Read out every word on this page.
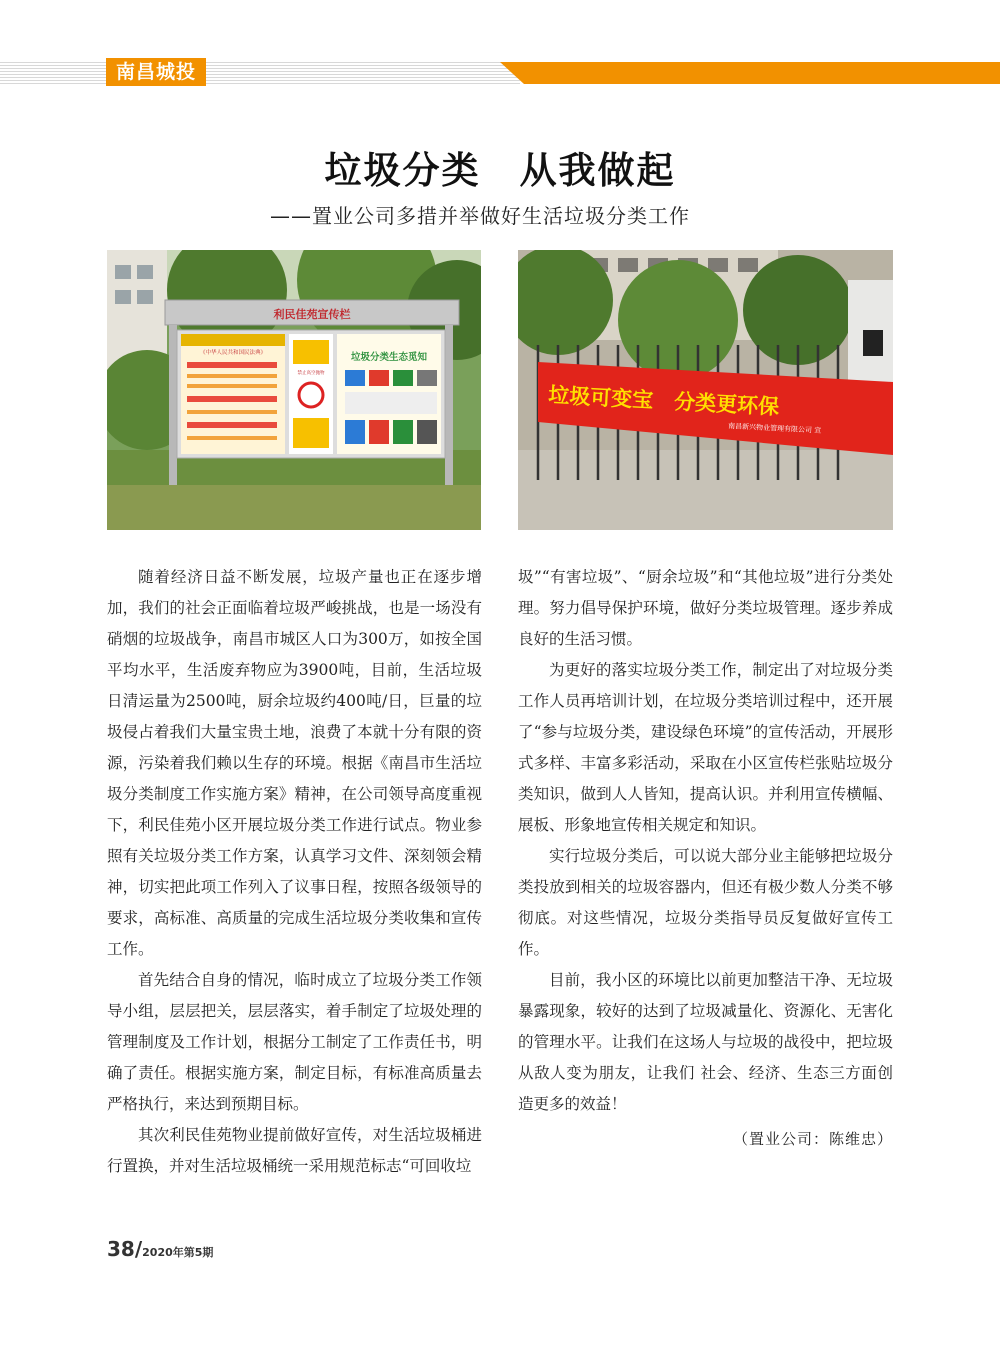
南昌城投
垃圾分类　从我做起
——置业公司多措并举做好生活垃圾分类工作
利民佳苑宣传栏
《中华人民共和国民法典》
禁止高空抛物
垃圾分类生态觅知
垃圾可变宝　分类更环保
南昌新兴物业管理有限公司 宣

随着经济日益不断发展，垃圾产量也正在逐步增加，我们的社会正面临着垃圾严峻挑战，也是一场没有硝烟的垃圾战争，南昌市城区人口为300万，如按全国平均水平，生活废弃物应为3900吨，目前，生活垃圾日清运量为2500吨，厨余垃圾约400吨/日，巨量的垃圾侵占着我们大量宝贵土地，浪费了本就十分有限的资源，污染着我们赖以生存的环境。根据《南昌市生活垃圾分类制度工作实施方案》精神，在公司领导高度重视下，利民佳苑小区开展垃圾分类工作进行试点。物业参照有关垃圾分类工作方案，认真学习文件、深刻领会精神，切实把此项工作列入了议事日程，按照各级领导的要求，高标准、高质量的完成生活垃圾分类收集和宣传工作。

首先结合自身的情况，临时成立了垃圾分类工作领导小组，层层把关，层层落实，着手制定了垃圾处理的管理制度及工作计划，根据分工制定了工作责任书，明确了责任。根据实施方案，制定目标，有标准高质量去严格执行，来达到预期目标。

其次利民佳苑物业提前做好宣传，对生活垃圾桶进行置换，并对生活垃圾桶统一采用规范标志“可回收垃

圾”“有害垃圾”、“厨余垃圾”和“其他垃圾”进行分类处理。努力倡导保护环境，做好分类垃圾管理。逐步养成良好的生活习惯。

为更好的落实垃圾分类工作，制定出了对垃圾分类工作人员再培训计划，在垃圾分类培训过程中，还开展了“参与垃圾分类，建设绿色环境”的宣传活动，开展形式多样、丰富多彩活动，采取在小区宣传栏张贴垃圾分类知识，做到人人皆知，提高认识。并利用宣传横幅、展板、形象地宣传相关规定和知识。

实行垃圾分类后，可以说大部分业主能够把垃圾分类投放到相关的垃圾容器内，但还有极少数人分类不够彻底。对这些情况，垃圾分类指导员反复做好宣传工作。

目前，我小区的环境比以前更加整洁干净、无垃圾暴露现象，较好的达到了垃圾减量化、资源化、无害化的管理水平。让我们在这场人与垃圾的战役中，把垃圾从敌人变为朋友，让我们 社会、经济、生态三方面创造更多的效益！

（置业公司：陈维忠）
38/2020年第5期
